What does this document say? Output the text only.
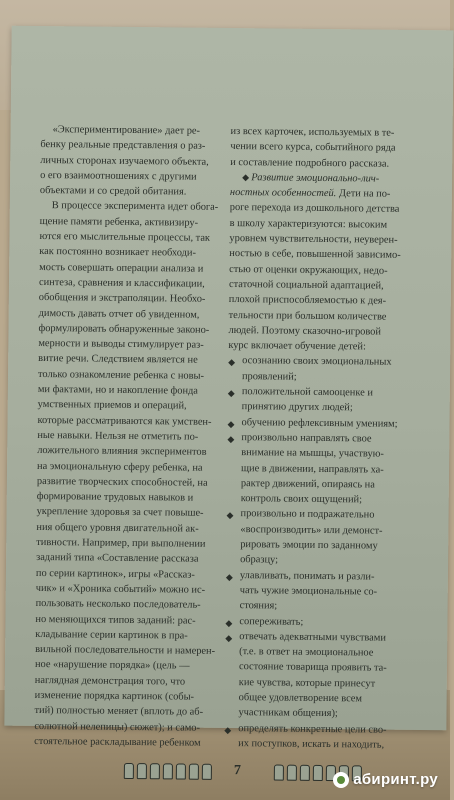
«Экспериментирование» дает ре-
бенку реальные представления о раз-
личных сторонах изучаемого объекта,
о его взаимоотношениях с другими
объектами и со средой обитания.
В процессе эксперимента идет обога-
щение памяти ребенка, активизиру-
ются его мыслительные процессы, так
как постоянно возникает необходи-
мость совершать операции анализа и
синтеза, сравнения и классификации,
обобщения и экстраполяции. Необхо-
димость давать отчет об увиденном,
формулировать обнаруженные законо-
мерности и выводы стимулирует раз-
витие речи. Следствием является не
только ознакомление ребенка с новы-
ми фактами, но и накопление фонда
умственных приемов и операций,
которые рассматриваются как умствен-
ные навыки. Нельзя не отметить по-
ложительного влияния экспериментов
на эмоциональную сферу ребенка, на
развитие творческих способностей, на
формирование трудовых навыков и
укрепление здоровья за счет повыше-
ния общего уровня двигательной ак-
тивности. Например, при выполнении
заданий типа «Составление рассказа
по серии картинок», игры «Рассказ-
чик» и «Хроника событий» можно ис-
пользовать несколько последователь-
но меняющихся типов заданий: рас-
кладывание серии картинок в пра-
вильной последовательности и намерен-
ное «нарушение порядка» (цель —
наглядная демонстрация того, что
изменение порядка картинок (собы-
тий) полностью меняет (вплоть до аб-
солютной нелепицы) сюжет); и само-
стоятельное раскладывание ребенком
из всех карточек, используемых в те-
чении всего курса, событийного ряда
и составление подробного рассказа.
◆ Развитие эмоционально-лич-
ностных особенностей. Дети на по-
роге перехода из дошкольного детства
в школу характеризуются: высоким
уровнем чувствительности, неуверен-
ностью в себе, повышенной зависимо-
стью от оценки окружающих, недо-
статочной социальной адаптацией,
плохой приспособляемостью к дея-
тельности при большом количестве
людей. Поэтому сказочно-игровой
курс включает обучение детей:
◆ осознанию своих эмоциональных
проявлений;
◆ положительной самооценке и
принятию других людей;
◆ обучению рефлексивным умениям;
◆ произвольно направлять свое
внимание на мышцы, участвую-
щие в движении, направлять ха-
рактер движений, опираясь на
контроль своих ощущений;
◆ произвольно и подражательно
«воспроизводить» или демонст-
рировать эмоции по заданному
образцу;
◆ улавливать, понимать и разли-
чать чужие эмоциональные со-
стояния;
◆ сопереживать;
◆ отвечать адекватными чувствами
(т.е. в ответ на эмоциональное
состояние товарища проявить та-
кие чувства, которые принесут
общее удовлетворение всем
участникам общения);
◆ определять конкретные цели сво-
их поступков, искать и находить,
7
абиринт.ру
